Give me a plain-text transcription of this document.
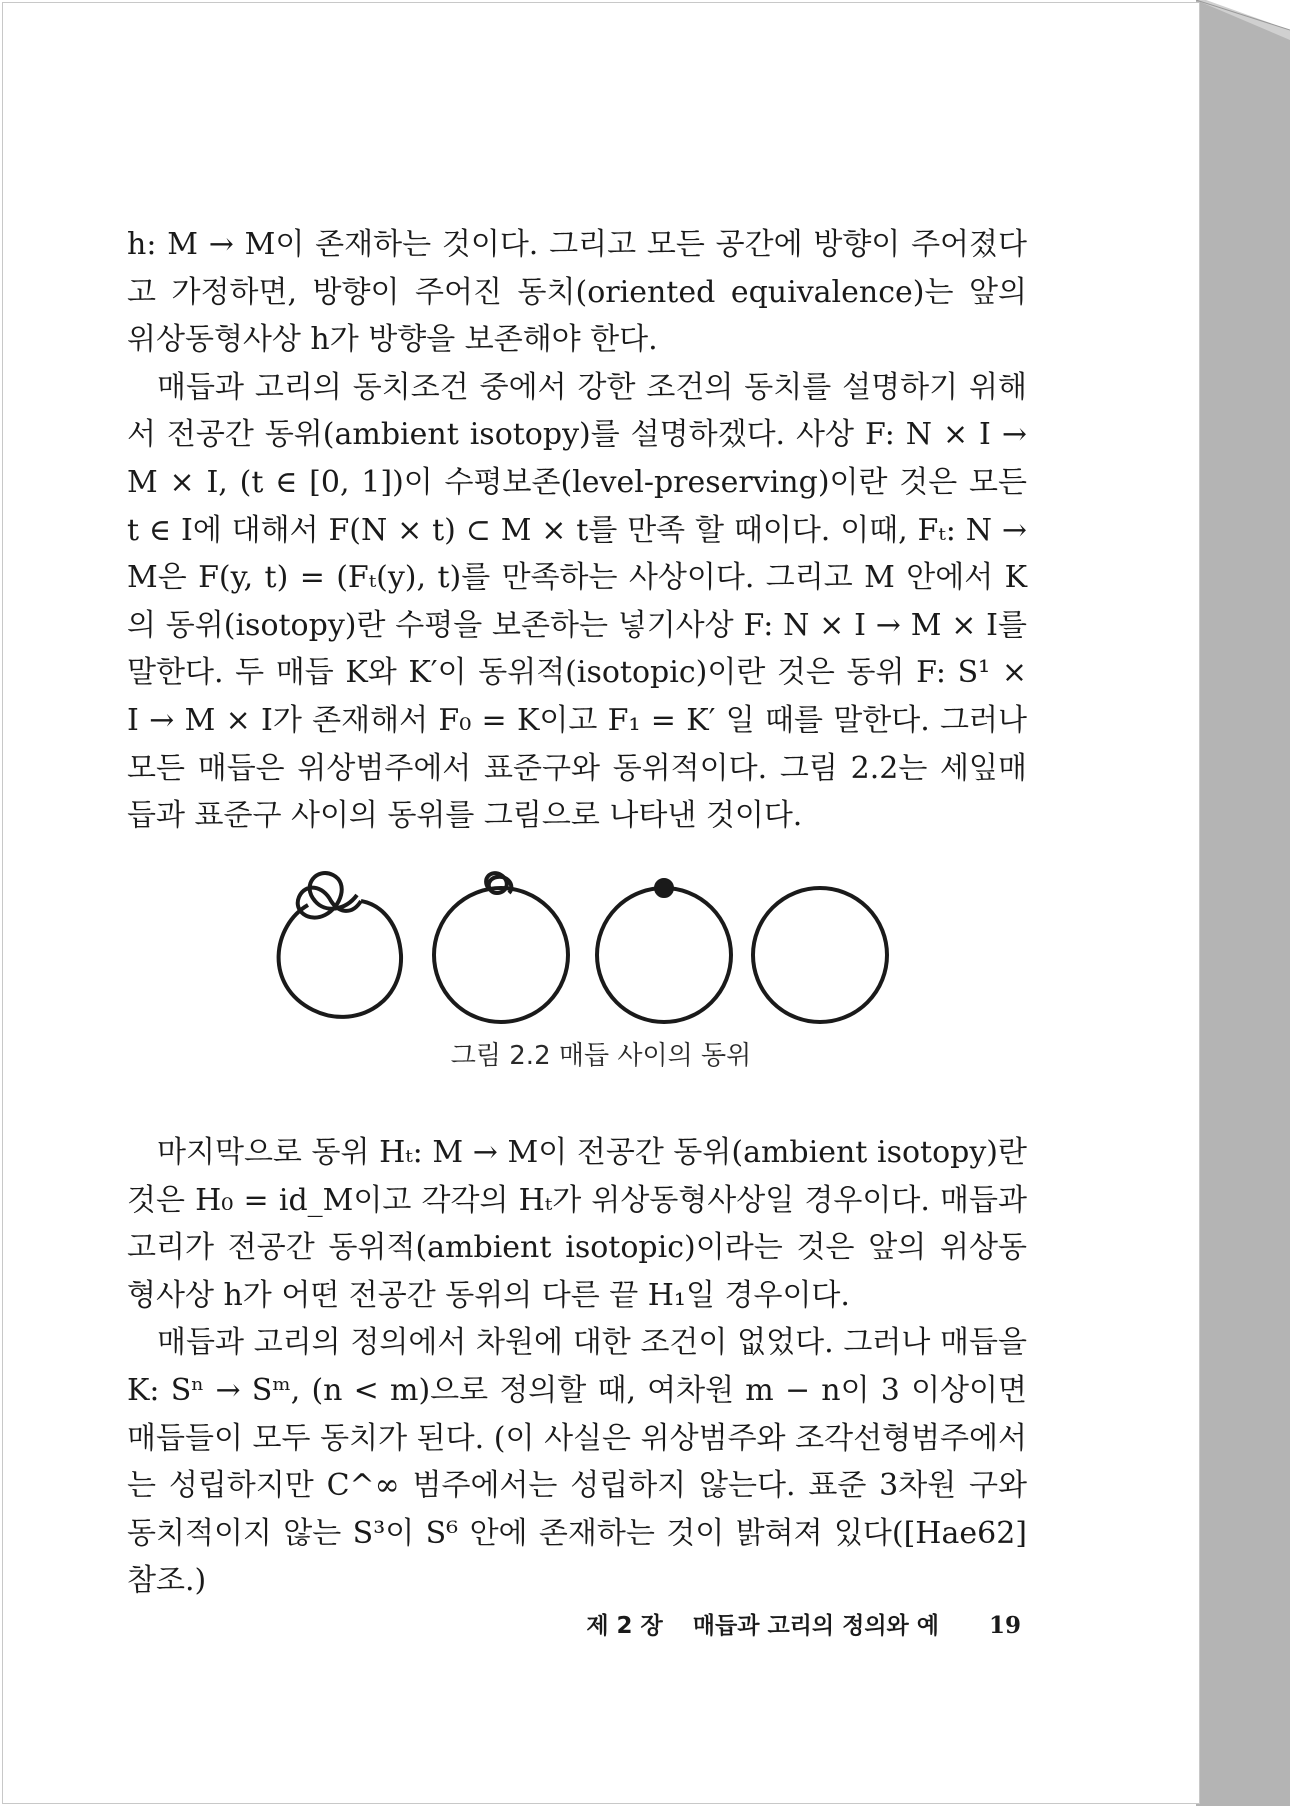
h: M → M이 존재하는 것이다. 그리고 모든 공간에 방향이 주어졌다고 가정하면, 방향이 주어진 동치(oriented equivalence)는 앞의 위상동형사상 h가 방향을 보존해야 한다.

매듭과 고리의 동치조건 중에서 강한 조건의 동치를 설명하기 위해서 전공간 동위(ambient isotopy)를 설명하겠다. 사상 F: N × I → M × I, (t ∈ [0, 1])이 수평보존(level-preserving)이란 것은 모든 t ∈ I에 대해서 F(N × t) ⊂ M × t를 만족 할 때이다. 이때, Fₜ: N → M은 F(y, t) = (Fₜ(y), t)를 만족하는 사상이다. 그리고 M 안에서 K의 동위(isotopy)란 수평을 보존하는 넣기사상 F: N × I → M × I를 말한다. 두 매듭 K와 K′이 동위적(isotopic)이란 것은 동위 F: S¹ × I → M × I가 존재해서 F₀ = K이고 F₁ = K′ 일 때를 말한다. 그러나 모든 매듭은 위상범주에서 표준구와 동위적이다. 그림 2.2는 세잎매듭과 표준구 사이의 동위를 그림으로 나타낸 것이다.

그림 2.2 매듭 사이의 동위

마지막으로 동위 Hₜ: M → M이 전공간 동위(ambient isotopy)란 것은 H₀ = id_M이고 각각의 Hₜ가 위상동형사상일 경우이다. 매듭과 고리가 전공간 동위적(ambient isotopic)이라는 것은 앞의 위상동형사상 h가 어떤 전공간 동위의 다른 끝 H₁일 경우이다.

매듭과 고리의 정의에서 차원에 대한 조건이 없었다. 그러나 매듭을 K: Sⁿ → Sᵐ, (n < m)으로 정의할 때, 여차원 m − n이 3 이상이면 매듭들이 모두 동치가 된다. (이 사실은 위상범주와 조각선형범주에서는 성립하지만 C^∞ 범주에서는 성립하지 않는다. 표준 3차원 구와 동치적이지 않는 S³이 S⁶ 안에 존재하는 것이 밝혀져 있다([Hae62] 참조.)

제 2 장 매듭과 고리의 정의와 예 19
